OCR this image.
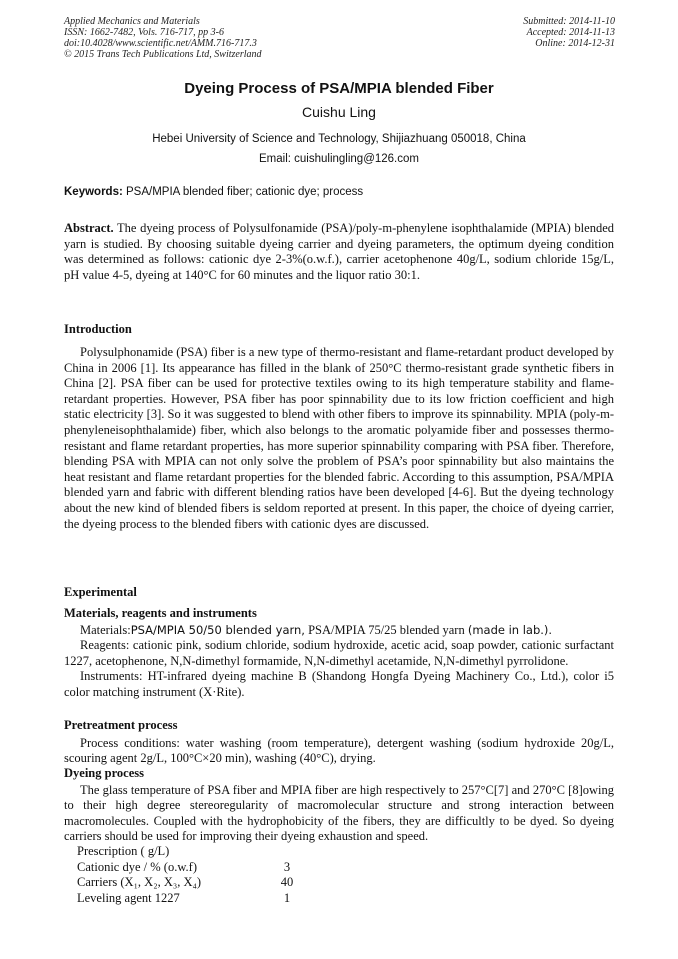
Applied Mechanics and Materials
ISSN: 1662-7482, Vols. 716-717, pp 3-6
doi:10.4028/www.scientific.net/AMM.716-717.3
© 2015 Trans Tech Publications Ltd, Switzerland
Submitted: 2014-11-10
Accepted: 2014-11-13
Online: 2014-12-31
Dyeing Process of PSA/MPIA blended Fiber
Cuishu Ling
Hebei University of Science and Technology, Shijiazhuang 050018, China
Email: cuishulingling@126.com
Keywords: PSA/MPIA blended fiber; cationic dye; process
Abstract. The dyeing process of Polysulfonamide (PSA)/poly-m-phenylene isophthalamide (MPIA) blended yarn is studied. By choosing suitable dyeing carrier and dyeing parameters, the optimum dyeing condition was determined as follows: cationic dye 2-3%(o.w.f.), carrier acetophenone 40g/L, sodium chloride 15g/L, pH value 4-5, dyeing at 140°C for 60 minutes and the liquor ratio 30:1.
Introduction
Polysulphonamide (PSA) fiber is a new type of thermo-resistant and flame-retardant product developed by China in 2006 [1]. Its appearance has filled in the blank of 250°C thermo-resistant grade synthetic fibers in China [2]. PSA fiber can be used for protective textiles owing to its high temperature stability and flame-retardant properties. However, PSA fiber has poor spinnability due to its low friction coefficient and high static electricity [3]. So it was suggested to blend with other fibers to improve its spinnability. MPIA (poly-m-phenyleneisophthalamide) fiber, which also belongs to the aromatic polyamide fiber and possesses thermo-resistant and flame retardant properties, has more superior spinnability comparing with PSA fiber. Therefore, blending PSA with MPIA can not only solve the problem of PSA’s poor spinnability but also maintains the heat resistant and flame retardant properties for the blended fabric. According to this assumption, PSA/MPIA blended yarn and fabric with different blending ratios have been developed [4-6]. But the dyeing technology about the new kind of blended fibers is seldom reported at present. In this paper, the choice of dyeing carrier, the dyeing process to the blended fibers with cationic dyes are discussed.
Experimental
Materials, reagents and instruments

Materials:PSA/MPIA 50/50 blended yarn, PSA/MPIA 75/25 blended yarn (made in lab.).

Reagents: cationic pink, sodium chloride, sodium hydroxide, acetic acid, soap powder, cationic surfactant 1227, acetophenone, N,N-dimethyl formamide, N,N-dimethyl acetamide, N,N-dimethyl pyrrolidone.

Instruments: HT-infrared dyeing machine B (Shandong Hongfa Dyeing Machinery Co., Ltd.), color i5 color matching instrument (X·Rite).

Pretreatment process

Process conditions: water washing (room temperature), detergent washing (sodium hydroxide 20g/L, scouring agent 2g/L, 100°C×20 min), washing (40°C), drying.

Dyeing process

The glass temperature of PSA fiber and MPIA fiber are high respectively to 257°C[7] and 270°C [8]owing to their high degree stereoregularity of macromolecular structure and strong interaction between macromolecules. Coupled with the hydrophobicity of the fibers, they are difficultly to be dyed. So dyeing carriers should be used for improving their dyeing exhaustion and speed.

Prescription ( g/L)
Cationic dye / % (o.w.f)	3
Carriers (X₁, X₂, X₃, X₄)	40
Leveling agent 1227	1
